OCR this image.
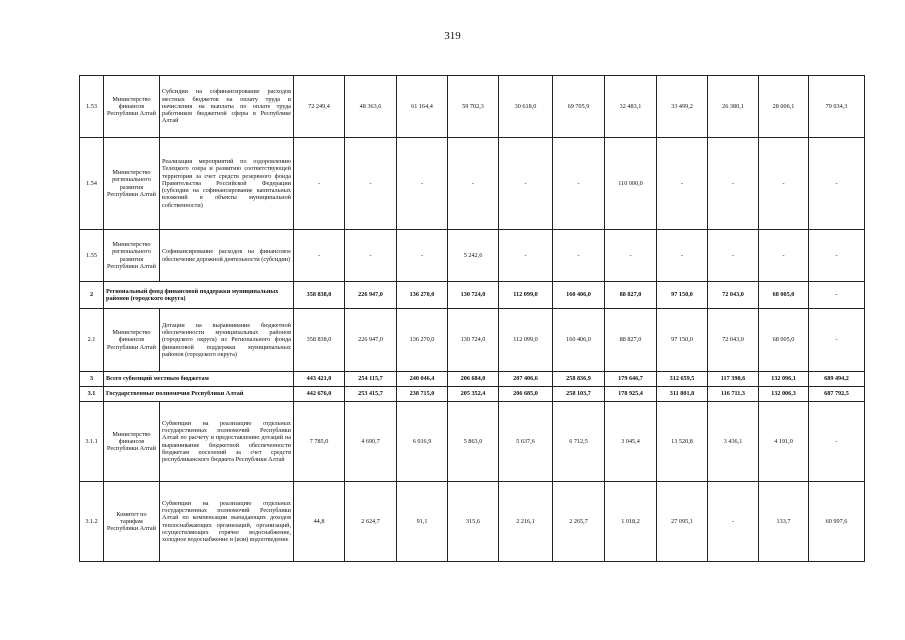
319
1.53	Министерство финансов Республики Алтай	Субсидии на софинансирование расходов местных бюджетов на оплату труда и начисления на выплаты по оплате труда работников бюджетной сферы в Республике Алтай	72 249,4	48 363,6	61 164,4	59 702,3	30 618,0	69 705,9	32 483,1	33 499,2	26 380,1	28 006,1	79 034,3
1.54	Министерство регионального развития Республики Алтай	Реализация мероприятий по оздоровлению Телецкого озера и развитию соответствующей территории за счет средств резервного фонда Правительства Российской Федерации (субсидии на софинансирование капитальных вложений в объекты муниципальной собственности)	-	-	-	-	-	-	110 000,0	-	-	-	-
1.55	Министерство регионального развития Республики Алтай	Софинансирование расходов на финансовое обеспечение дорожной деятельности (субсидии)	-	-	-	5 242,6	-	-	-	-	-	-	-
2	Региональный фонд финансовой поддержки муниципальных районов (городского округа)		358 838,0	226 947,0	136 270,0	130 724,0	112 099,0	160 406,0	88 827,0	97 150,0	72 043,0	68 005,0	-
2.1	Министерство финансов Республики Алтай	Дотации на выравнивание бюджетной обеспеченности муниципальных районов (городского округа) из Регионального фонда финансовой поддержки муниципальных районов (городского округа)	358 838,0	226 947,0	136 270,0	130 724,0	112 099,0	160 406,0	88 827,0	97 150,0	72 043,0	68 005,0	-
3	Всего субвенций местным бюджетам		443 421,0	254 115,7	240 046,4	206 684,0	207 406,6	258 836,9	179 646,7	312 659,5	117 398,6	132 096,1	689 494,2
3.1	Государственные полномочия Республики Алтай		442 676,0	253 415,7	238 715,0	205 352,4	206 685,0	258 103,7	178 925,4	311 801,8	116 711,3	132 006,3	687 792,5
3.1.1	Министерство финансов Республики Алтай	Субвенции на реализацию отдельных государственных полномочий Республики Алтай по расчету и предоставлению дотаций на выравнивание бюджетной обеспеченности бюджетам поселений за счет средств республиканского бюджета Республики Алтай	7 785,0	4 690,7	6 016,9	5 863,0	5 637,6	6 712,5	3 045,4	13 520,8	3 436,1	4 191,0	-
3.1.2	Комитет по тарифам Республики Алтай	Субвенции на реализацию отдельных государственных полномочий Республики Алтай по компенсации выпадающих доходов теплоснабжающих организаций, организаций, осуществляющих горячее водоснабжение, холодное водоснабжение и (или) водоотведение	44,8	2 624,7	91,1	315,6	2 216,1	2 265,7	1 018,2	27 095,1	-	133,7	60 997,6
